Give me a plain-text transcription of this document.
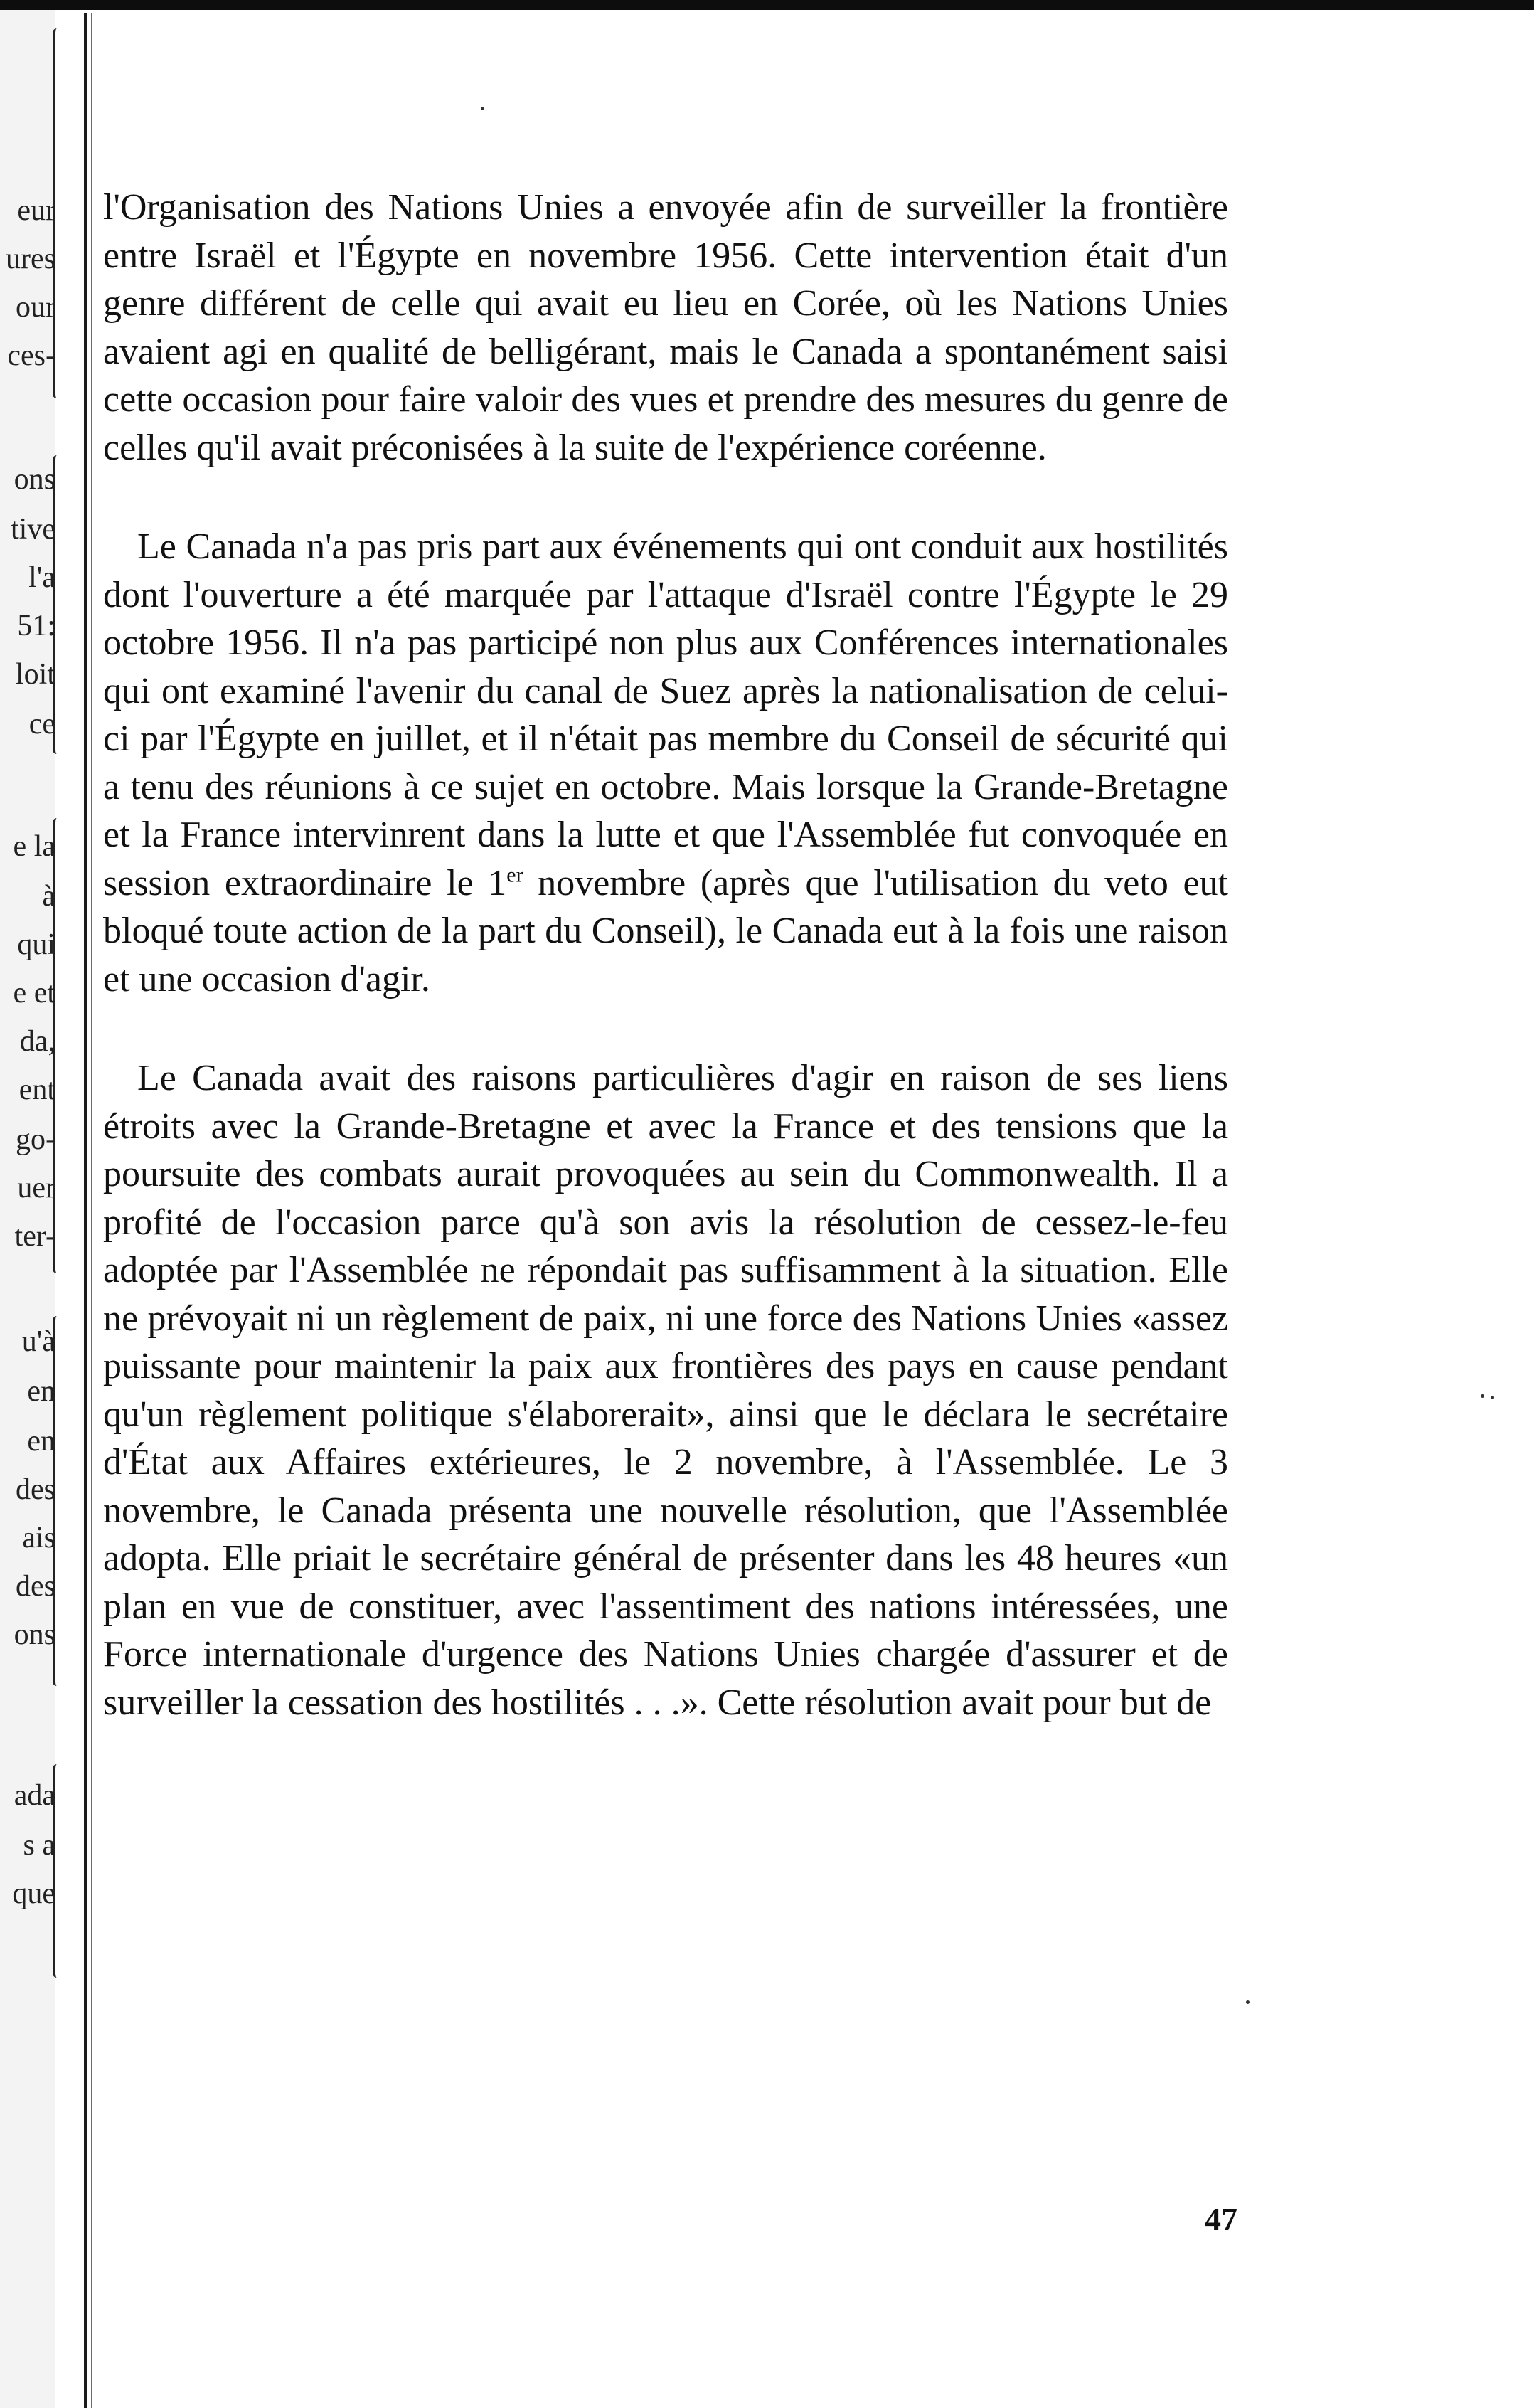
eur
ures
our
ces-
ons
tive
l'a
51:
loit
ce
e la
à
qui
e et
da,
ent
go-
uer
ter-
u'à
en
en
des
ais
des
ons
ada
s a
que

l'Organisation des Nations Unies a envoyée afin de surveiller la frontière entre Israël et l'Égypte en novembre 1956. Cette intervention était d'un genre différent de celle qui avait eu lieu en Corée, où les Nations Unies avaient agi en qualité de belligérant, mais le Canada a spontanément saisi cette occasion pour faire valoir des vues et prendre des mesures du genre de celles qu'il avait préconisées à la suite de l'expérience coréenne.

Le Canada n'a pas pris part aux événements qui ont conduit aux hostilités dont l'ouverture a été marquée par l'attaque d'Israël contre l'Égypte le 29 octobre 1956. Il n'a pas participé non plus aux Conférences internationales qui ont examiné l'avenir du canal de Suez après la nationalisation de celui-ci par l'Égypte en juillet, et il n'était pas membre du Conseil de sécurité qui a tenu des réunions à ce sujet en octobre. Mais lorsque la Grande-Bretagne et la France intervinrent dans la lutte et que l'Assemblée fut convoquée en session extraordinaire le 1er novembre (après que l'utilisation du veto eut bloqué toute action de la part du Conseil), le Canada eut à la fois une raison et une occasion d'agir.

Le Canada avait des raisons particulières d'agir en raison de ses liens étroits avec la Grande-Bretagne et avec la France et des tensions que la poursuite des combats aurait provoquées au sein du Commonwealth. Il a profité de l'occasion parce qu'à son avis la résolution de cessez-le-feu adoptée par l'Assemblée ne répondait pas suffisamment à la situation. Elle ne prévoyait ni un règlement de paix, ni une force des Nations Unies «assez puissante pour maintenir la paix aux frontières des pays en cause pendant qu'un règlement politique s'élaborerait», ainsi que le déclara le secrétaire d'État aux Affaires extérieures, le 2 novembre, à l'Assemblée. Le 3 novembre, le Canada présenta une nouvelle résolution, que l'Assemblée adopta. Elle priait le secrétaire général de présenter dans les 48 heures «un plan en vue de constituer, avec l'assentiment des nations intéressées, une Force internationale d'urgence des Nations Unies chargée d'assurer et de surveiller la cessation des hostilités . . .». Cette résolution avait pour but de

47
